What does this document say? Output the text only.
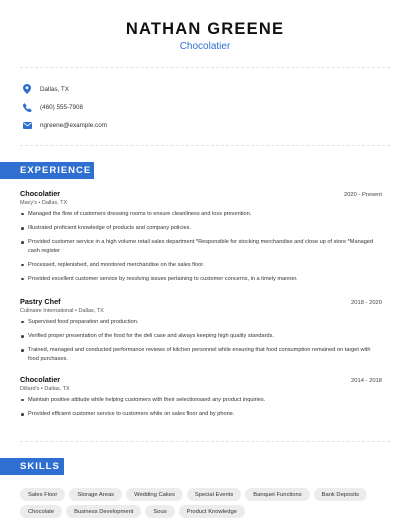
NATHAN GREENE
Chocolatier
Dallas, TX
(460) 555-7908
ngreene@example.com
EXPERIENCE
Chocolatier	2020 - Present
Macy's • Dallas, TX
Managed the flow of customers dressing rooms to ensure cleanliness and loss prevention.
Illustrated proficient knowledge of products and company policies.
Provided customer service in a high volume retail sales department *Responsible for stocking merchandise and close up of store *Managed cash register
Processed, replenished, and monitored merchandise on the sales floor.
Provided excellent customer service by resolving issues pertaining to customer concerns, in a timely manner.
Pastry Chef	2018 - 2020
Culinaire International • Dallas, TX
Supervised food preparation and production.
Verified proper presentation of the food for the deli case and always keeping high quality standards.
Trained, managed and conducted performance reviews of kitchen personnel while ensuring that food consumption remained on target with food purchases.
Chocolatier	2014 - 2018
Dillard's • Dallas, TX
Maintain positive attitude while helping customers with their selectionsand any product inquiries.
Provided efficient customer service to customers while on sales floor and by phone.
SKILLS
Sales Floor	Storage Areas	Wedding Cakes	Special Events	Banquet Functions	Bank Deposits
Chocolate	Business Development	Sous	Product Knowledge
